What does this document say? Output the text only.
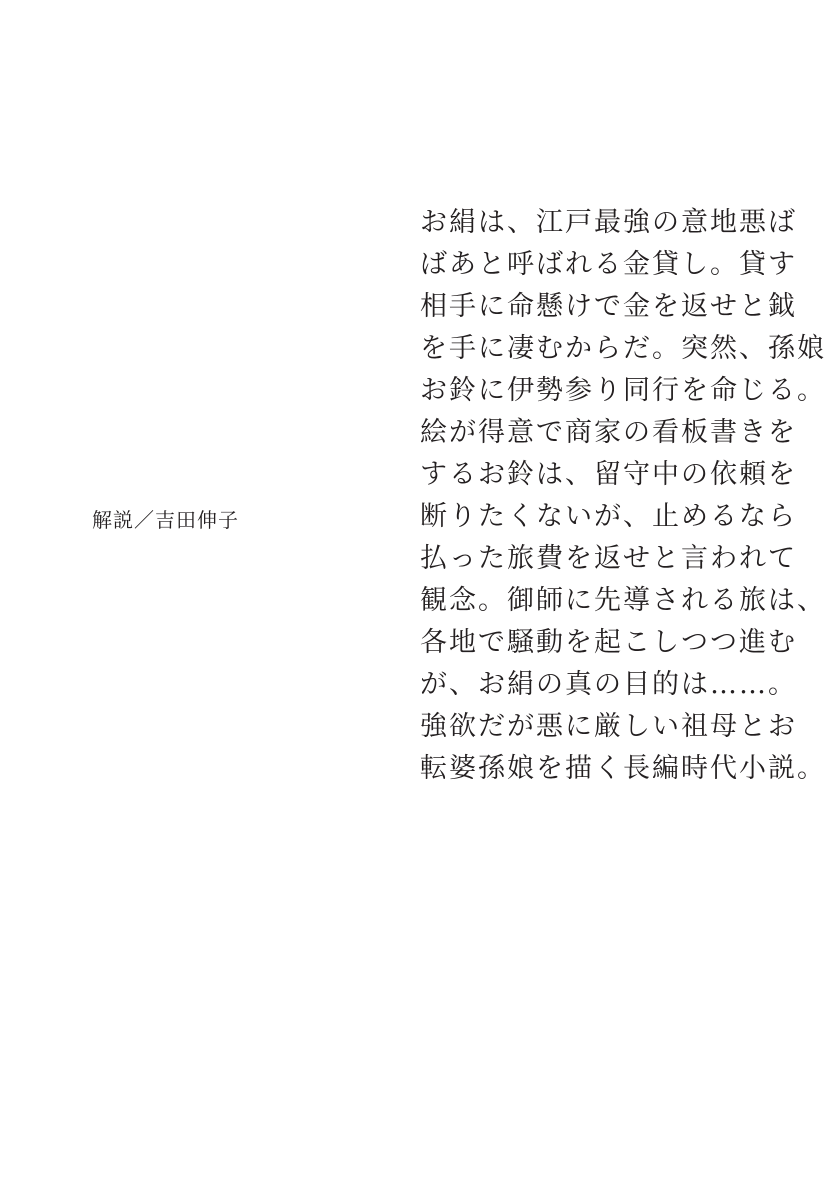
解説／吉田伸子
お絹は、江戸最強の意地悪ば
ばあと呼ばれる金貸し。貸す
相手に命懸けで金を返せと鉞
を手に凄むからだ。突然、孫娘
お鈴に伊勢参り同行を命じる。
絵が得意で商家の看板書きを
するお鈴は、留守中の依頼を
断りたくないが、止めるなら
払った旅費を返せと言われて
観念。御師に先導される旅は、
各地で騒動を起こしつつ進む
が、お絹の真の目的は……。
強欲だが悪に厳しい祖母とお
転婆孫娘を描く長編時代小説。
